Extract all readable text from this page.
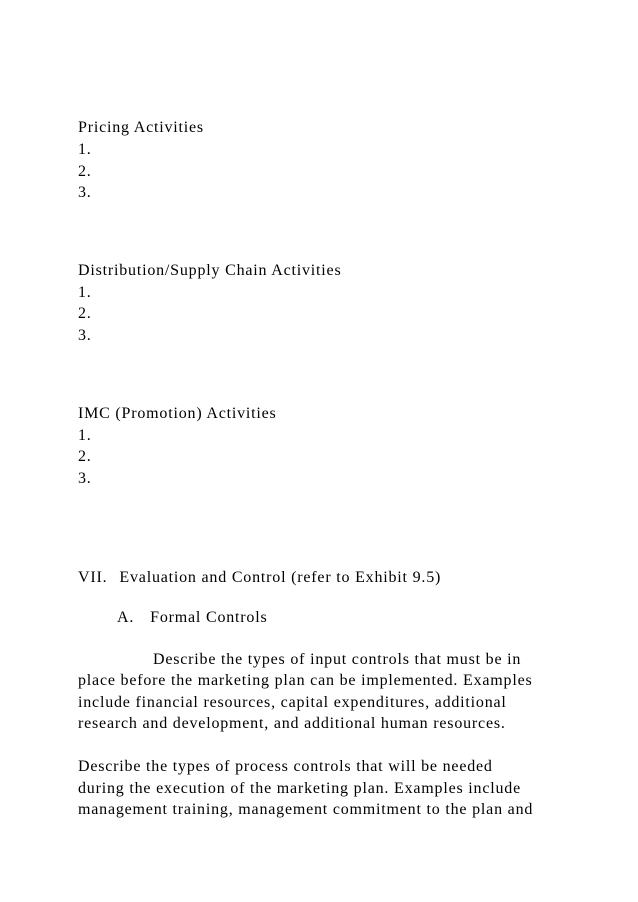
Pricing Activities
1.
2.
3.
Distribution/Supply Chain Activities
1.
2.
3.
IMC (Promotion) Activities
1.
2.
3.
VII. Evaluation and Control (refer to Exhibit 9.5)
A. Formal Controls
Describe the types of input controls that must be in
place before the marketing plan can be implemented. Examples
include financial resources, capital expenditures, additional
research and development, and additional human resources.
Describe the types of process controls that will be needed
during the execution of the marketing plan. Examples include
management training, management commitment to the plan and
